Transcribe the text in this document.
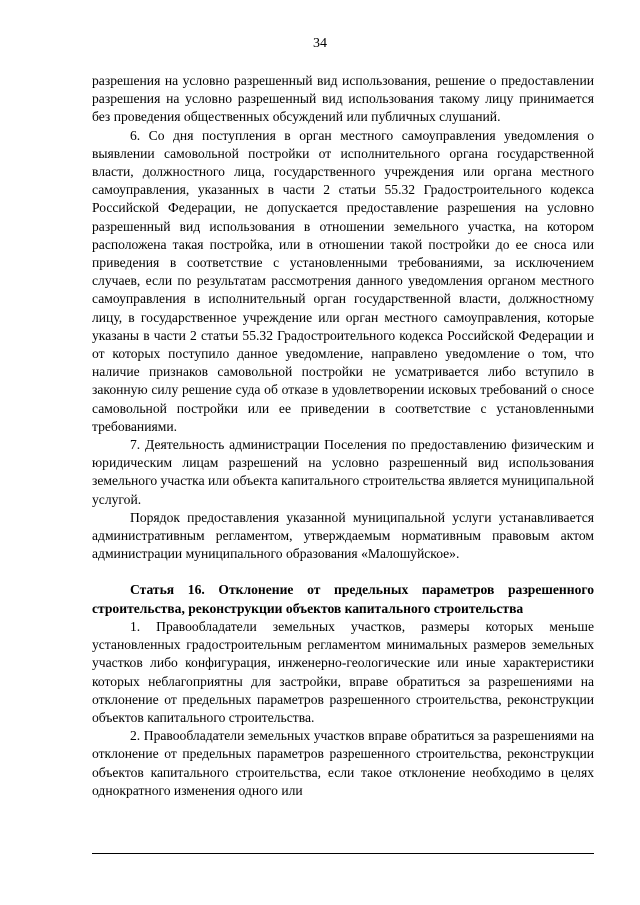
34

разрешения на условно разрешенный вид использования, решение о предоставлении разрешения на условно разрешенный вид использования такому лицу принимается без проведения общественных обсуждений или публичных слушаний.

6. Со дня поступления в орган местного самоуправления уведомления о выявлении самовольной постройки от исполнительного органа государственной власти, должностного лица, государственного учреждения или органа местного самоуправления, указанных в части 2 статьи 55.32 Градостроительного кодекса Российской Федерации, не допускается предоставление разрешения на условно разрешенный вид использования в отношении земельного участка, на котором расположена такая постройка, или в отношении такой постройки до ее сноса или приведения в соответствие с установленными требованиями, за исключением случаев, если по результатам рассмотрения данного уведомления органом местного самоуправления в исполнительный орган государственной власти, должностному лицу, в государственное учреждение или орган местного самоуправления, которые указаны в части 2 статьи 55.32 Градостроительного кодекса Российской Федерации и от которых поступило данное уведомление, направлено уведомление о том, что наличие признаков самовольной постройки не усматривается либо вступило в законную силу решение суда об отказе в удовлетворении исковых требований о сносе самовольной постройки или ее приведении в соответствие с установленными требованиями.

7. Деятельность администрации Поселения по предоставлению физическим и юридическим лицам разрешений на условно разрешенный вид использования земельного участка или объекта капитального строительства является муниципальной услугой.

Порядок предоставления указанной муниципальной услуги устанавливается административным регламентом, утверждаемым нормативным правовым актом администрации муниципального образования «Малошуйское».

Статья 16. Отклонение от предельных параметров разрешенного строительства, реконструкции объектов капитального строительства

1. Правообладатели земельных участков, размеры которых меньше установленных градостроительным регламентом минимальных размеров земельных участков либо конфигурация, инженерно-геологические или иные характеристики которых неблагоприятны для застройки, вправе обратиться за разрешениями на отклонение от предельных параметров разрешенного строительства, реконструкции объектов капитального строительства.

2. Правообладатели земельных участков вправе обратиться за разрешениями на отклонение от предельных параметров разрешенного строительства, реконструкции объектов капитального строительства, если такое отклонение необходимо в целях однократного изменения одного или
